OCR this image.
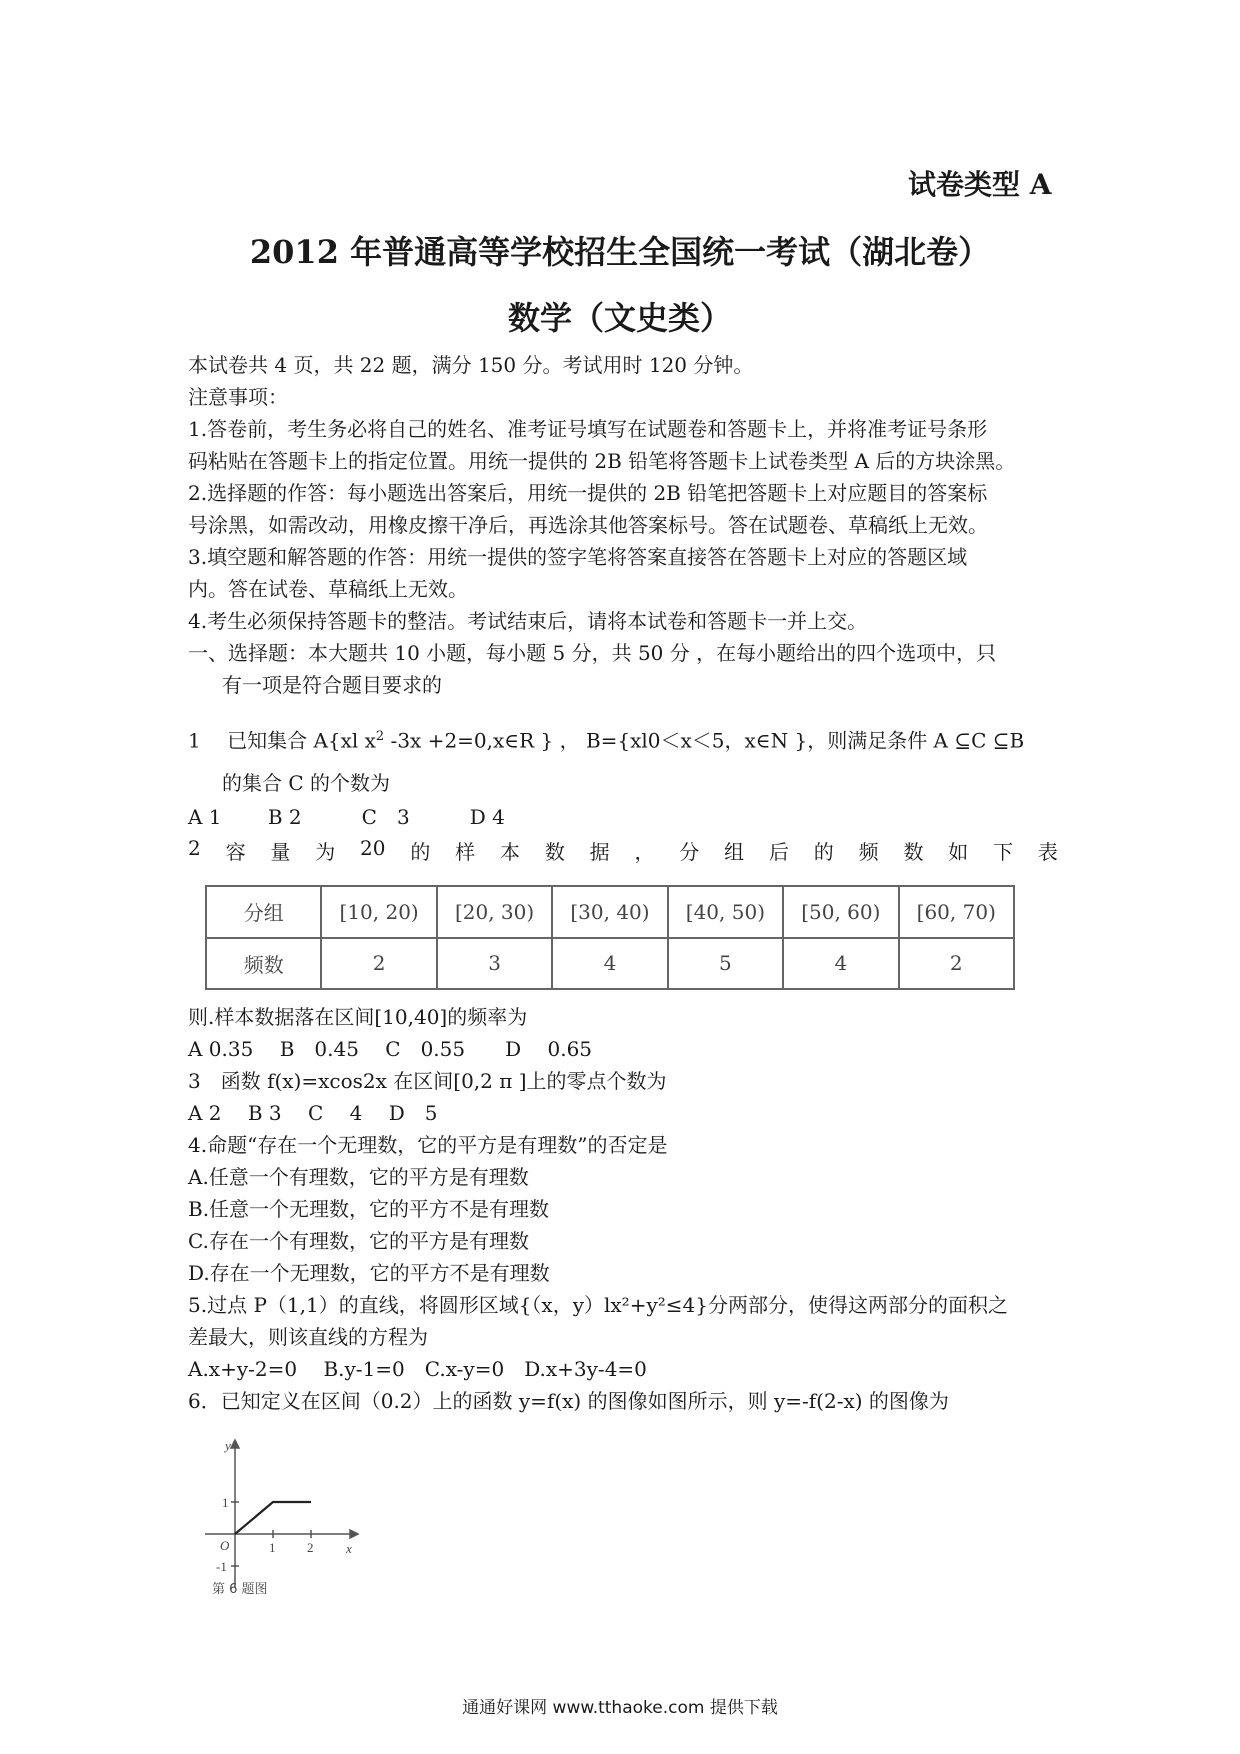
试卷类型 A
2012 年普通高等学校招生全国统一考试（湖北卷）
数学（文史类）
本试卷共 4 页，共 22 题，满分 150 分。考试用时 120 分钟。
注意事项：
1.答卷前，考生务必将自己的姓名、准考证号填写在试题卷和答题卡上，并将准考证号条形
码粘贴在答题卡上的指定位置。用统一提供的 2B 铅笔将答题卡上试卷类型 A 后的方块涂黑。
2.选择题的作答：每小题选出答案后，用统一提供的 2B 铅笔把答题卡上对应题目的答案标
号涂黑，如需改动，用橡皮擦干净后，再选涂其他答案标号。答在试题卷、草稿纸上无效。
3.填空题和解答题的作答：用统一提供的签字笔将答案直接答在答题卡上对应的答题区域
内。答在试卷、草稿纸上无效。
4.考生必须保持答题卡的整洁。考试结束后，请将本试卷和答题卡一并上交。
一、选择题：本大题共 10 小题，每小题 5 分，共 50 分 ，在每小题给出的四个选项中，只
有一项是符合题目要求的
1　 已知集合 A{xl $x^2$ -3x +2=0,x∈R } ， B={xl0＜x＜5，x∈N }，则满足条件 A ⊆C ⊆B
的集合 C 的个数为
A 1　　 B 2　　　C　3　　　D 4
2 容 量 为 20 的 样 本 数 据 ， 分 组 后 的 频 数 如 下 表
分组	[10, 20)	[20, 30)	[30, 40)	[40, 50)	[50, 60)	[60, 70)
频数	2	3	4	5	4	2
则.样本数据落在区间[10,40]的频率为
A 0.35　 B　0.45　 C　0.55　　D　 0.65
3　函数 f(x)=xcos2x 在区间[0,2 π ]上的零点个数为
A 2　 B 3　 C　 4　 D　5
4.命题“存在一个无理数，它的平方是有理数”的否定是
A.任意一个有理数，它的平方是有理数
B.任意一个无理数，它的平方不是有理数
C.存在一个有理数，它的平方是有理数
D.存在一个无理数，它的平方不是有理数
5.过点 P（1,1）的直线，将圆形区域{（x，y）lx²+y²≤4}分两部分，使得这两部分的面积之
差最大，则该直线的方程为
A.x+y-2=0　 B.y-1=0　C.x-y=0　D.x+3y-4=0
6．已知定义在区间（0.2）上的函数 y=f(x) 的图像如图所示，则 y=-f(2-x) 的图像为
y
x
O
1
-1
1 2
第 6 题图
通通好课网 www.tthaoke.com 提供下载
